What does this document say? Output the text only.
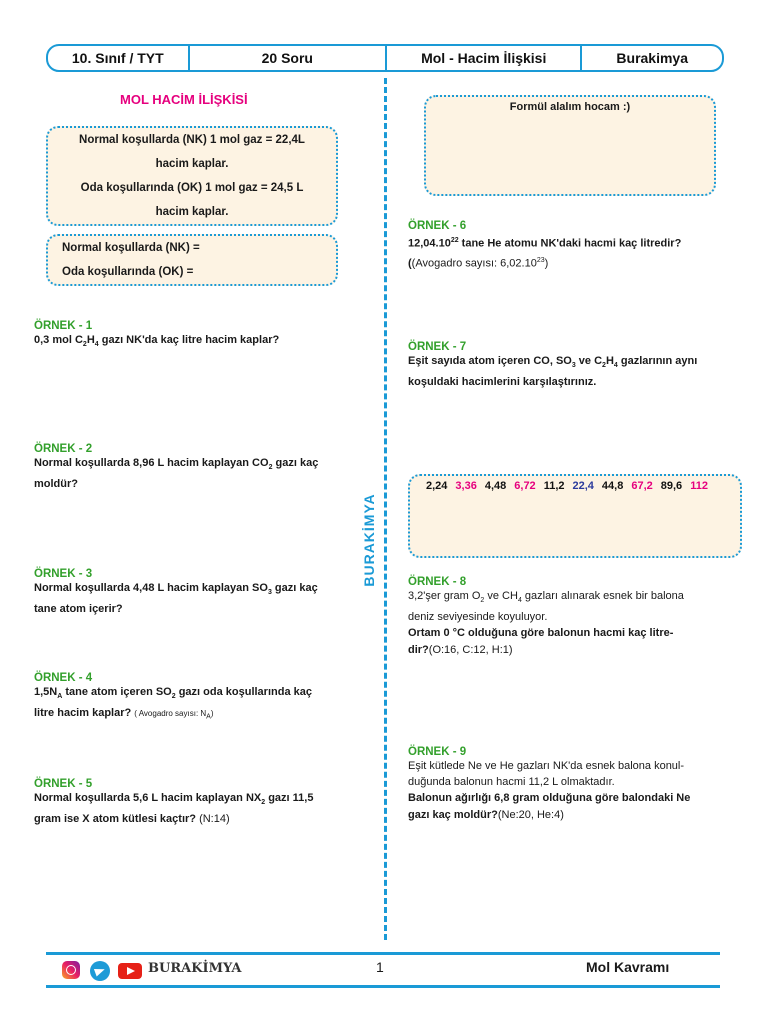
10. Sınıf / TYT	20 Soru	Mol - Hacim İlişkisi	Burakimya
BURAKİMYA
MOL HACİM İLİŞKİSİ
Normal koşullarda (NK) 1 mol gaz = 22,4L
hacim kaplar.
Oda koşullarında (OK) 1 mol gaz = 24,5 L
hacim kaplar.
Normal koşullarda (NK) =
Oda koşullarında (OK) =
ÖRNEK - 1
0,3 mol $C_2H_4$ gazı NK'da kaç litre hacim kaplar?
ÖRNEK - 2
Normal koşullarda 8,96 L hacim kaplayan $CO_2$ gazı kaç
moldür?
ÖRNEK - 3
Normal koşullarda 4,48 L hacim kaplayan $SO_3$ gazı kaç
tane atom içerir?
ÖRNEK - 4
$1,5N_A$ tane atom içeren $SO_2$ gazı oda koşullarında kaç
litre hacim kaplar? ( Avogadro sayısı: $N_A$)
ÖRNEK - 5
Normal koşullarda 5,6 L hacim kaplayan $NX_2$ gazı 11,5
gram ise X atom kütlesi kaçtır? (N:14)
Formül alalım hocam :)
ÖRNEK - 6
12,04.10$^{22}$ tane He atomu NK'daki hacmi kaç litredir?
((Avogadro sayısı: 6,02.10$^{23}$)
ÖRNEK - 7
Eşit sayıda atom içeren CO, $SO_3$ ve $C_2H_4$ gazlarının aynı
koşuldaki hacimlerini karşılaştırınız.
2,24 3,36 4,48 6,72 11,2 22,4 44,8 67,2 89,6 112
ÖRNEK - 8
3,2'şer gram $O_2$ ve $CH_4$ gazları alınarak esnek bir balona
deniz seviyesinde koyuluyor.
Ortam 0 °C olduğuna göre balonun hacmi kaç litre-
dir?(O:16, C:12, H:1)
ÖRNEK - 9
Eşit kütlede Ne ve He gazları NK'da esnek balona konul-
duğunda balonun hacmi 11,2 L olmaktadır.
Balonun ağırlığı 6,8 gram olduğuna göre balondaki Ne
gazı kaç moldür?(Ne:20, He:4)
BURAKİMYA	1	Mol Kavramı
